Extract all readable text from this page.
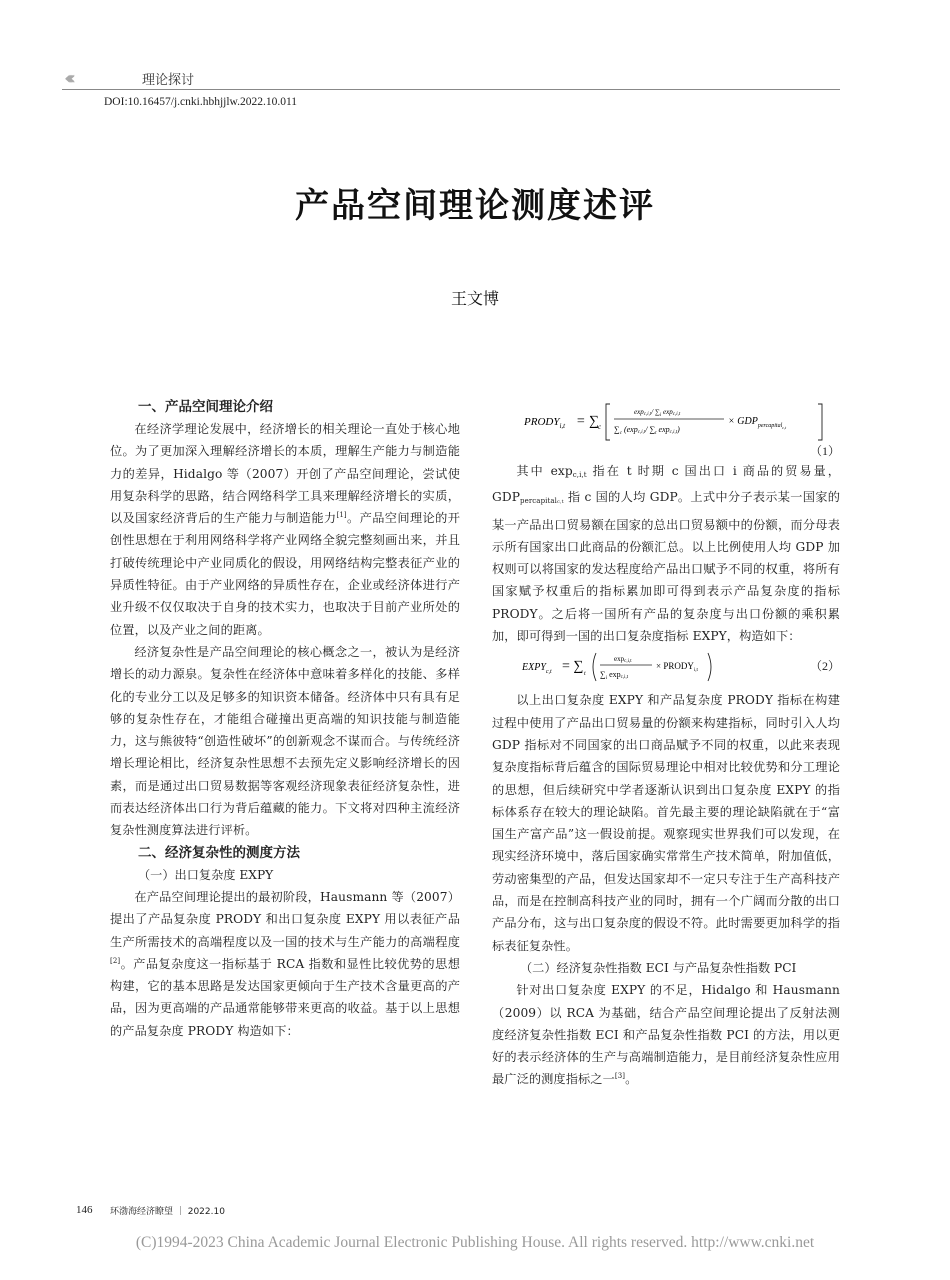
‹‹‹‹‹	理论探讨
DOI:10.16457/j.cnki.hbhjjlw.2022.10.011
产品空间理论测度述评
王文博
一、产品空间理论介绍

在经济学理论发展中，经济增长的相关理论一直处于核心地位。为了更加深入理解经济增长的本质，理解生产能力与制造能力的差异，Hidalgo 等（2007）开创了产品空间理论，尝试使用复杂科学的思路，结合网络科学工具来理解经济增长的实质，以及国家经济背后的生产能力与制造能力[1]。产品空间理论的开创性思想在于利用网络科学将产业网络全貌完整刻画出来，并且打破传统理论中产业同质化的假设，用网络结构完整表征产业的异质性特征。由于产业网络的异质性存在，企业或经济体进行产业升级不仅仅取决于自身的技术实力，也取决于目前产业所处的位置，以及产业之间的距离。

经济复杂性是产品空间理论的核心概念之一，被认为是经济增长的动力源泉。复杂性在经济体中意味着多样化的技能、多样化的专业分工以及足够多的知识资本储备。经济体中只有具有足够的复杂性存在，才能组合碰撞出更高端的知识技能与制造能力，这与熊彼特“创造性破坏”的创新观念不谋而合。与传统经济增长理论相比，经济复杂性思想不去预先定义影响经济增长的因素，而是通过出口贸易数据等客观经济现象表征经济复杂性，进而表达经济体出口行为背后蕴藏的能力。下文将对四种主流经济复杂性测度算法进行评析。

二、经济复杂性的测度方法
（一）出口复杂度 EXPY

在产品空间理论提出的最初阶段，Hausmann 等（2007）提出了产品复杂度 PRODY 和出口复杂度 EXPY 用以表征产品生产所需技术的高端程度以及一国的技术与生产能力的高端程度[2]。产品复杂度这一指标基于 RCA 指数和显性比较优势的思想构建，它的基本思路是发达国家更倾向于生产技术含量更高的产品，因为更高端的产品通常能够带来更高的收益。基于以上思想的产品复杂度 PRODY 构造如下：

$PRODY_{i,t}$ = ∑ c
expc,i,t/ $\sum_i$ expc,i,t
$\sum_c$ (expc,i,t/ $\sum_t$ expc,i,t)
× $GDP_{percapitalc,t}$
（1）

其中 $\exp_{c,i,t}$ 指在 t 时期 c 国出口 i 商品的贸易量，$GDP_{percapitalc,t}$ 指 c 国的人均 GDP。上式中分子表示某一国家的某一产品出口贸易额在国家的总出口贸易额中的份额，而分母表示所有国家出口此商品的份额汇总。以上比例使用人均 GDP 加权则可以将国家的发达程度给产品出口赋予不同的权重，将所有国家赋予权重后的指标累加即可得到表示产品复杂度的指标 PRODY。之后将一国所有产品的复杂度与出口份额的乘积累加，即可得到一国的出口复杂度指标 EXPY，构造如下：

$EXPY_{c,t}$ = ∑ t
expc,i,t
$\sum_i$ expc,i,t
× $PRODY_{i,t}$	（2）

以上出口复杂度 EXPY 和产品复杂度 PRODY 指标在构建过程中使用了产品出口贸易量的份额来构建指标，同时引入人均 GDP 指标对不同国家的出口商品赋予不同的权重，以此来表现复杂度指标背后蕴含的国际贸易理论中相对比较优势和分工理论的思想，但后续研究中学者逐渐认识到出口复杂度 EXPY 的指标体系存在较大的理论缺陷。首先最主要的理论缺陷就在于“富国生产富产品”这一假设前提。观察现实世界我们可以发现，在现实经济环境中，落后国家确实常常生产技术简单，附加值低，劳动密集型的产品，但发达国家却不一定只专注于生产高科技产品，而是在控制高科技产业的同时，拥有一个广阔而分散的出口产品分布，这与出口复杂度的假设不符。此时需要更加科学的指标表征复杂性。

（二）经济复杂性指数 ECI 与产品复杂性指数 PCI

针对出口复杂度 EXPY 的不足，Hidalgo 和 Hausmann（2009）以 RCA 为基础，结合产品空间理论提出了反射法测度经济复杂性指数 ECI 和产品复杂性指数 PCI 的方法，用以更好的表示经济体的生产与高端制造能力，是目前经济复杂性应用最广泛的测度指标之一[3]。

146 环渤海经济瞭望 ｜ 2022.10
(C)1994-2023 China Academic Journal Electronic Publishing House. All rights reserved. http://www.cnki.net
